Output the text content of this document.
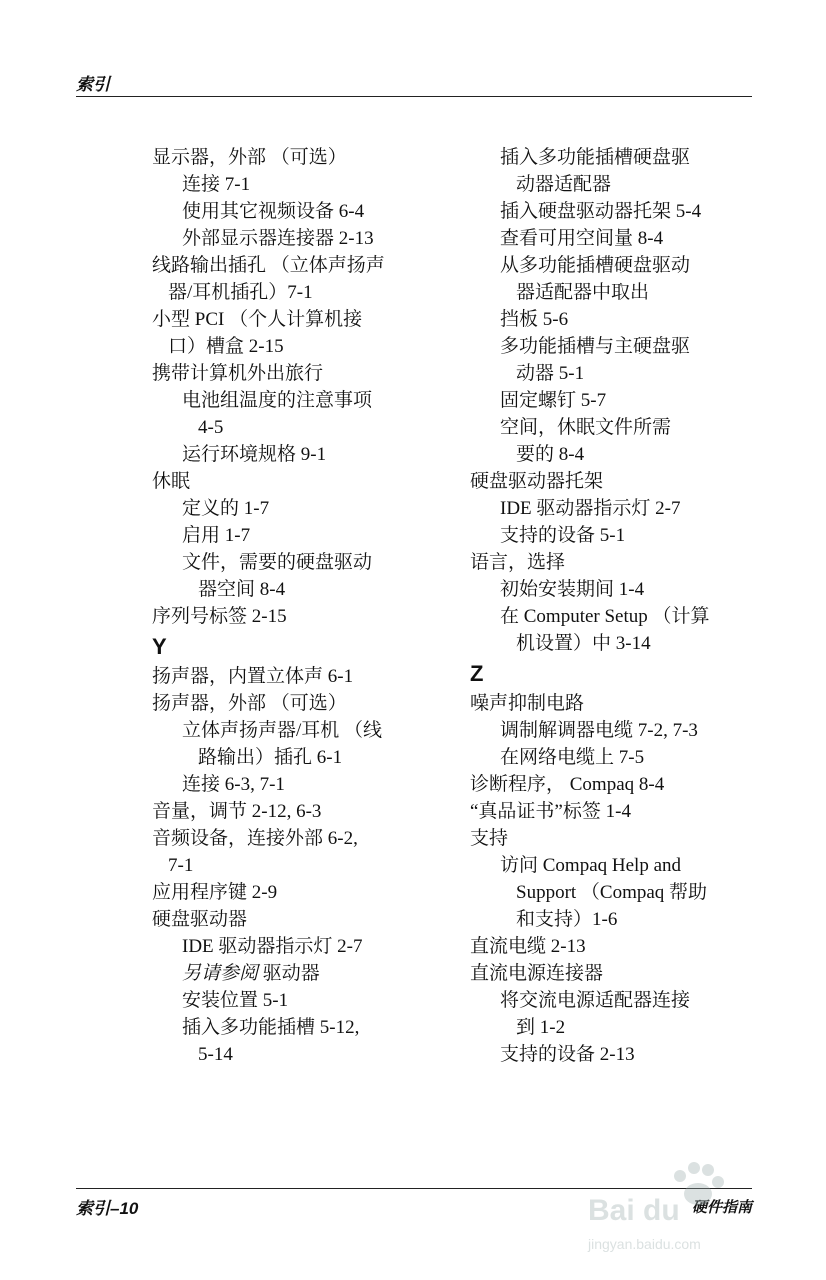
索引
显示器，外部 （可选）
连接 7-1
使用其它视频设备 6-4
外部显示器连接器 2-13
线路输出插孔 （立体声扬声
器/耳机插孔）7-1
小型 PCI （个人计算机接
口）槽盒 2-15
携带计算机外出旅行
电池组温度的注意事项
4-5
运行环境规格 9-1
休眠
定义的 1-7
启用 1-7
文件，需要的硬盘驱动
器空间 8-4
序列号标签 2-15
Y
扬声器，内置立体声 6-1
扬声器，外部 （可选）
立体声扬声器/耳机 （线
路输出）插孔 6-1
连接 6-3, 7-1
音量，调节 2-12, 6-3
音频设备，连接外部 6-2,
7-1
应用程序键 2-9
硬盘驱动器
IDE 驱动器指示灯 2-7
另请参阅 驱动器
安装位置 5-1
插入多功能插槽 5-12,
5-14
插入多功能插槽硬盘驱
动器适配器
插入硬盘驱动器托架 5-4
查看可用空间量 8-4
从多功能插槽硬盘驱动
器适配器中取出
挡板 5-6
多功能插槽与主硬盘驱
动器 5-1
固定螺钉 5-7
空间，休眠文件所需
要的 8-4
硬盘驱动器托架
IDE 驱动器指示灯 2-7
支持的设备 5-1
语言，选择
初始安装期间 1-4
在 Computer Setup （计算
机设置）中 3-14
Z
噪声抑制电路
调制解调器电缆 7-2, 7-3
在网络电缆上 7-5
诊断程序， Compaq 8-4
“真品证书”标签 1-4
支持
访问 Compaq Help and
Support （Compaq 帮助
和支持）1-6
直流电缆 2-13
直流电源连接器
将交流电源适配器连接
到 1-2
支持的设备 2-13
索引–10	硬件指南
Bai du
jingyan.baidu.com
